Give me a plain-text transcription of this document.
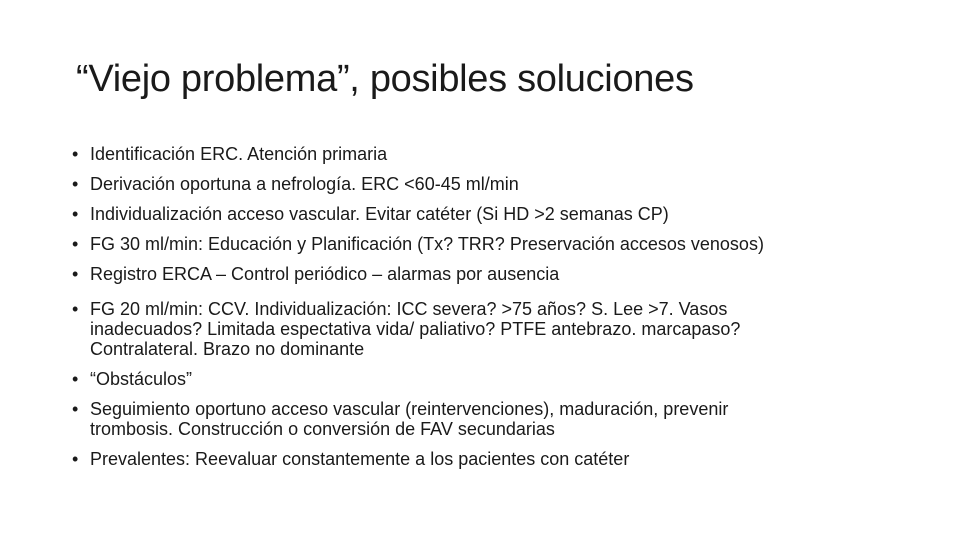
“Viejo problema”, posibles soluciones
• Identificación ERC. Atención primaria
• Derivación oportuna a nefrología. ERC <60-45 ml/min
• Individualización acceso vascular. Evitar catéter (Si HD >2 semanas CP)
• FG 30 ml/min: Educación y Planificación (Tx? TRR? Preservación accesos venosos)
• Registro ERCA – Control periódico – alarmas por ausencia
• FG 20 ml/min: CCV. Individualización: ICC severa? >75 años? S. Lee >7. Vasos
inadecuados? Limitada espectativa vida/ paliativo? PTFE antebrazo. marcapaso?
Contralateral. Brazo no dominante
• “Obstáculos”
• Seguimiento oportuno acceso vascular (reintervenciones), maduración, prevenir
trombosis. Construcción o conversión de FAV secundarias
• Prevalentes: Reevaluar constantemente a los pacientes con catéter
